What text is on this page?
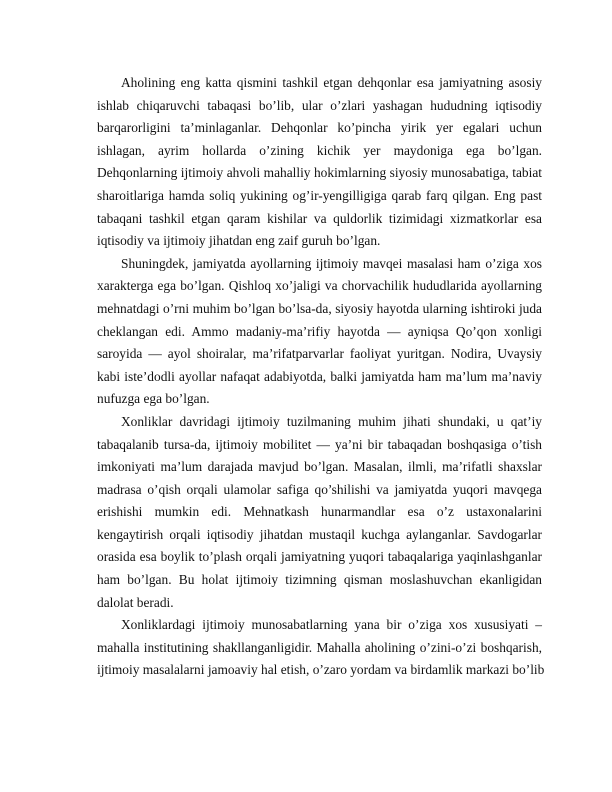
Aholining eng katta qismini tashkil etgan dehqonlar esa jamiyatning asosiy
ishlab chiqaruvchi tabaqasi bo’lib, ular o’zlari yashagan hududning iqtisodiy
barqarorligini ta’minlaganlar. Dehqonlar ko’pincha yirik yer egalari uchun
ishlagan, ayrim hollarda o’zining kichik yer maydoniga ega bo’lgan.
Dehqonlarning ijtimoiy ahvoli mahalliy hokimlarning siyosiy munosabatiga, tabiat
sharoitlariga hamda soliq yukining og’ir-yengilligiga qarab farq qilgan. Eng past
tabaqani tashkil etgan qaram kishilar va quldorlik tizimidagi xizmatkorlar esa
iqtisodiy va ijtimoiy jihatdan eng zaif guruh bo’lgan.
Shuningdek, jamiyatda ayollarning ijtimoiy mavqei masalasi ham o’ziga xos
xarakterga ega bo’lgan. Qishloq xo’jaligi va chorvachilik hududlarida ayollarning
mehnatdagi o’rni muhim bo’lgan bo’lsa-da, siyosiy hayotda ularning ishtiroki juda
cheklangan edi. Ammo madaniy-ma’rifiy hayotda — ayniqsa Qo’qon xonligi
saroyida — ayol shoiralar, ma’rifatparvarlar faoliyat yuritgan. Nodira, Uvaysiy
kabi iste’dodli ayollar nafaqat adabiyotda, balki jamiyatda ham ma’lum ma’naviy
nufuzga ega bo’lgan.
Xonliklar davridagi ijtimoiy tuzilmaning muhim jihati shundaki, u qat’iy
tabaqalanib tursa-da, ijtimoiy mobilitet — ya’ni bir tabaqadan boshqasiga o’tish
imkoniyati ma’lum darajada mavjud bo’lgan. Masalan, ilmli, ma’rifatli shaxslar
madrasa o’qish orqali ulamolar safiga qo’shilishi va jamiyatda yuqori mavqega
erishishi mumkin edi. Mehnatkash hunarmandlar esa o’z ustaxonalarini
kengaytirish orqali iqtisodiy jihatdan mustaqil kuchga aylanganlar. Savdogarlar
orasida esa boylik to’plash orqali jamiyatning yuqori tabaqalariga yaqinlashganlar
ham bo’lgan. Bu holat ijtimoiy tizimning qisman moslashuvchan ekanligidan
dalolat beradi.
Xonliklardagi ijtimoiy munosabatlarning yana bir o’ziga xos xususiyati –
mahalla institutining shakllanganligidir. Mahalla aholining o’zini-o’zi boshqarish,
ijtimoiy masalalarni jamoaviy hal etish, o’zaro yordam va birdamlik markazi bo’lib
